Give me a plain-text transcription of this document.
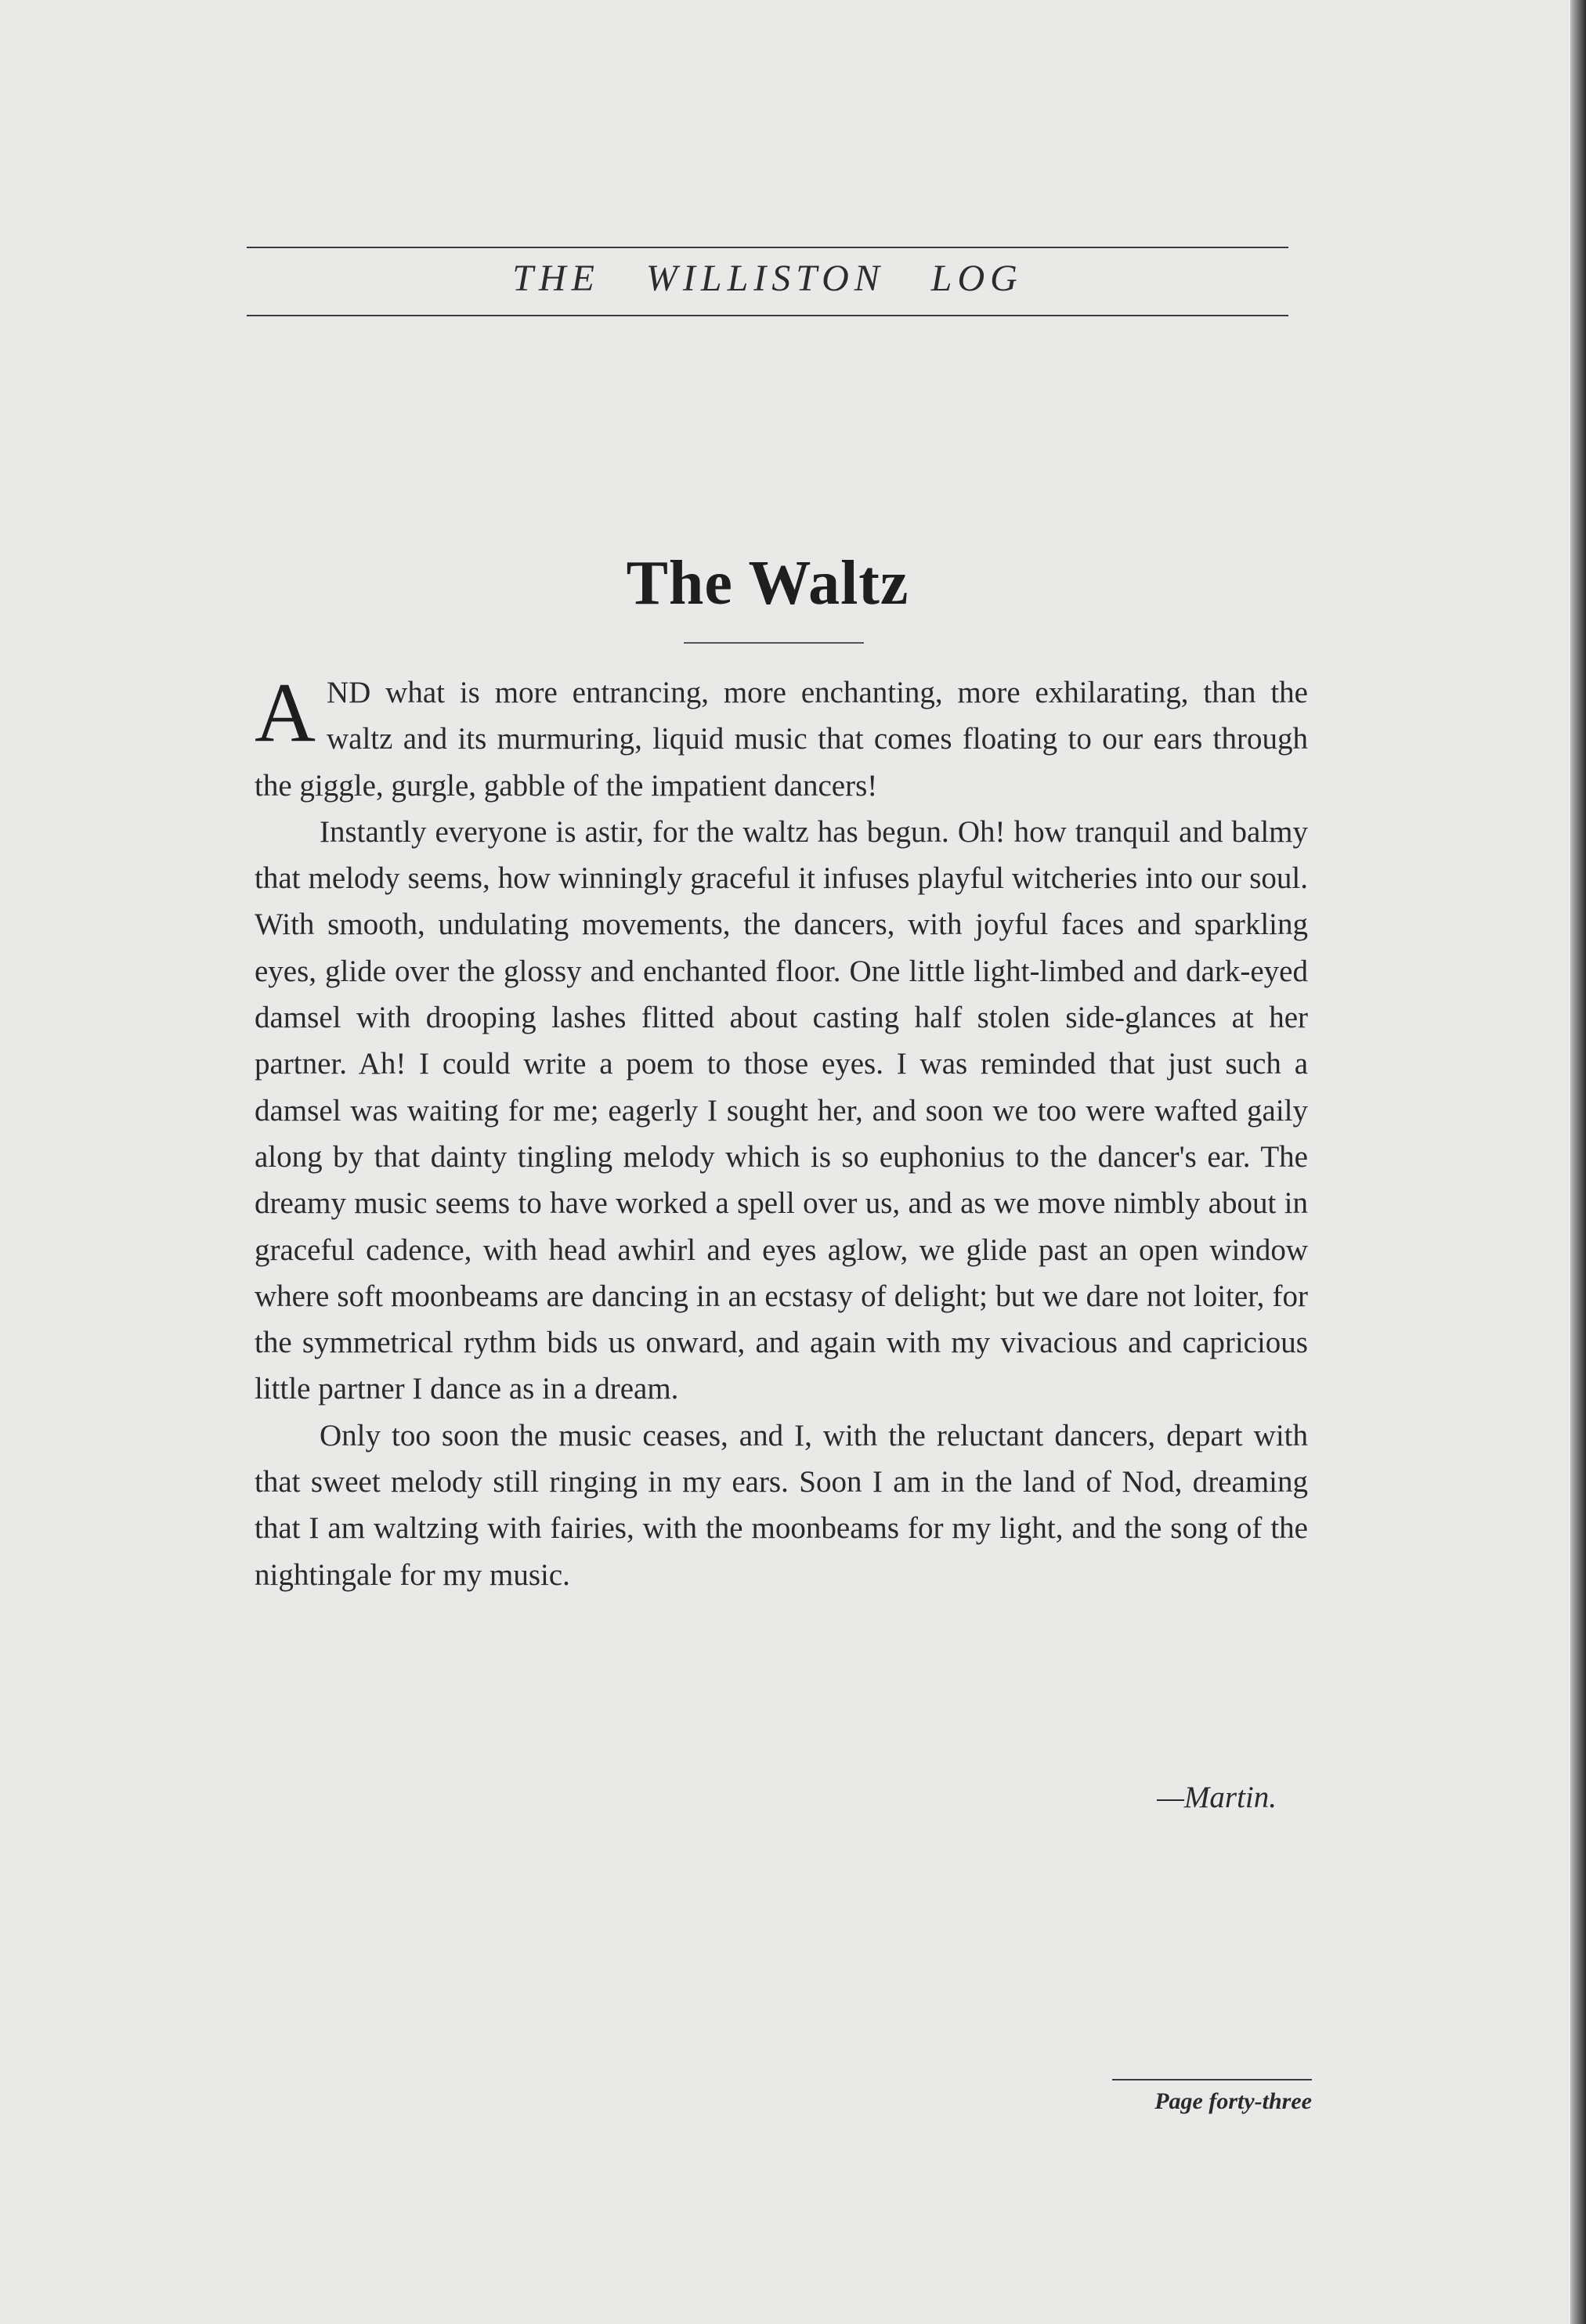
THE WILLISTON LOG
The Waltz

AND what is more entrancing, more enchanting, more exhilarating, than the waltz and its murmuring, liquid music that comes floating to our ears through the giggle, gurgle, gabble of the impatient dancers!

Instantly everyone is astir, for the waltz has begun. Oh! how tranquil and balmy that melody seems, how winningly graceful it infuses playful witcheries into our soul. With smooth, undulating movements, the dancers, with joyful faces and sparkling eyes, glide over the glossy and enchanted floor. One little light-limbed and dark-eyed damsel with drooping lashes flitted about casting half stolen side-glances at her partner. Ah! I could write a poem to those eyes. I was reminded that just such a damsel was waiting for me; eagerly I sought her, and soon we too were wafted gaily along by that dainty tingling melody which is so euphonius to the dancer's ear. The dreamy music seems to have worked a spell over us, and as we move nimbly about in graceful cadence, with head awhirl and eyes aglow, we glide past an open window where soft moonbeams are dancing in an ecstasy of delight; but we dare not loiter, for the symmetrical rythm bids us onward, and again with my vivacious and capricious little partner I dance as in a dream.

Only too soon the music ceases, and I, with the reluctant dancers, depart with that sweet melody still ringing in my ears. Soon I am in the land of Nod, dreaming that I am waltzing with fairies, with the moonbeams for my light, and the song of the nightingale for my music.

—Martin.
Page forty-three
